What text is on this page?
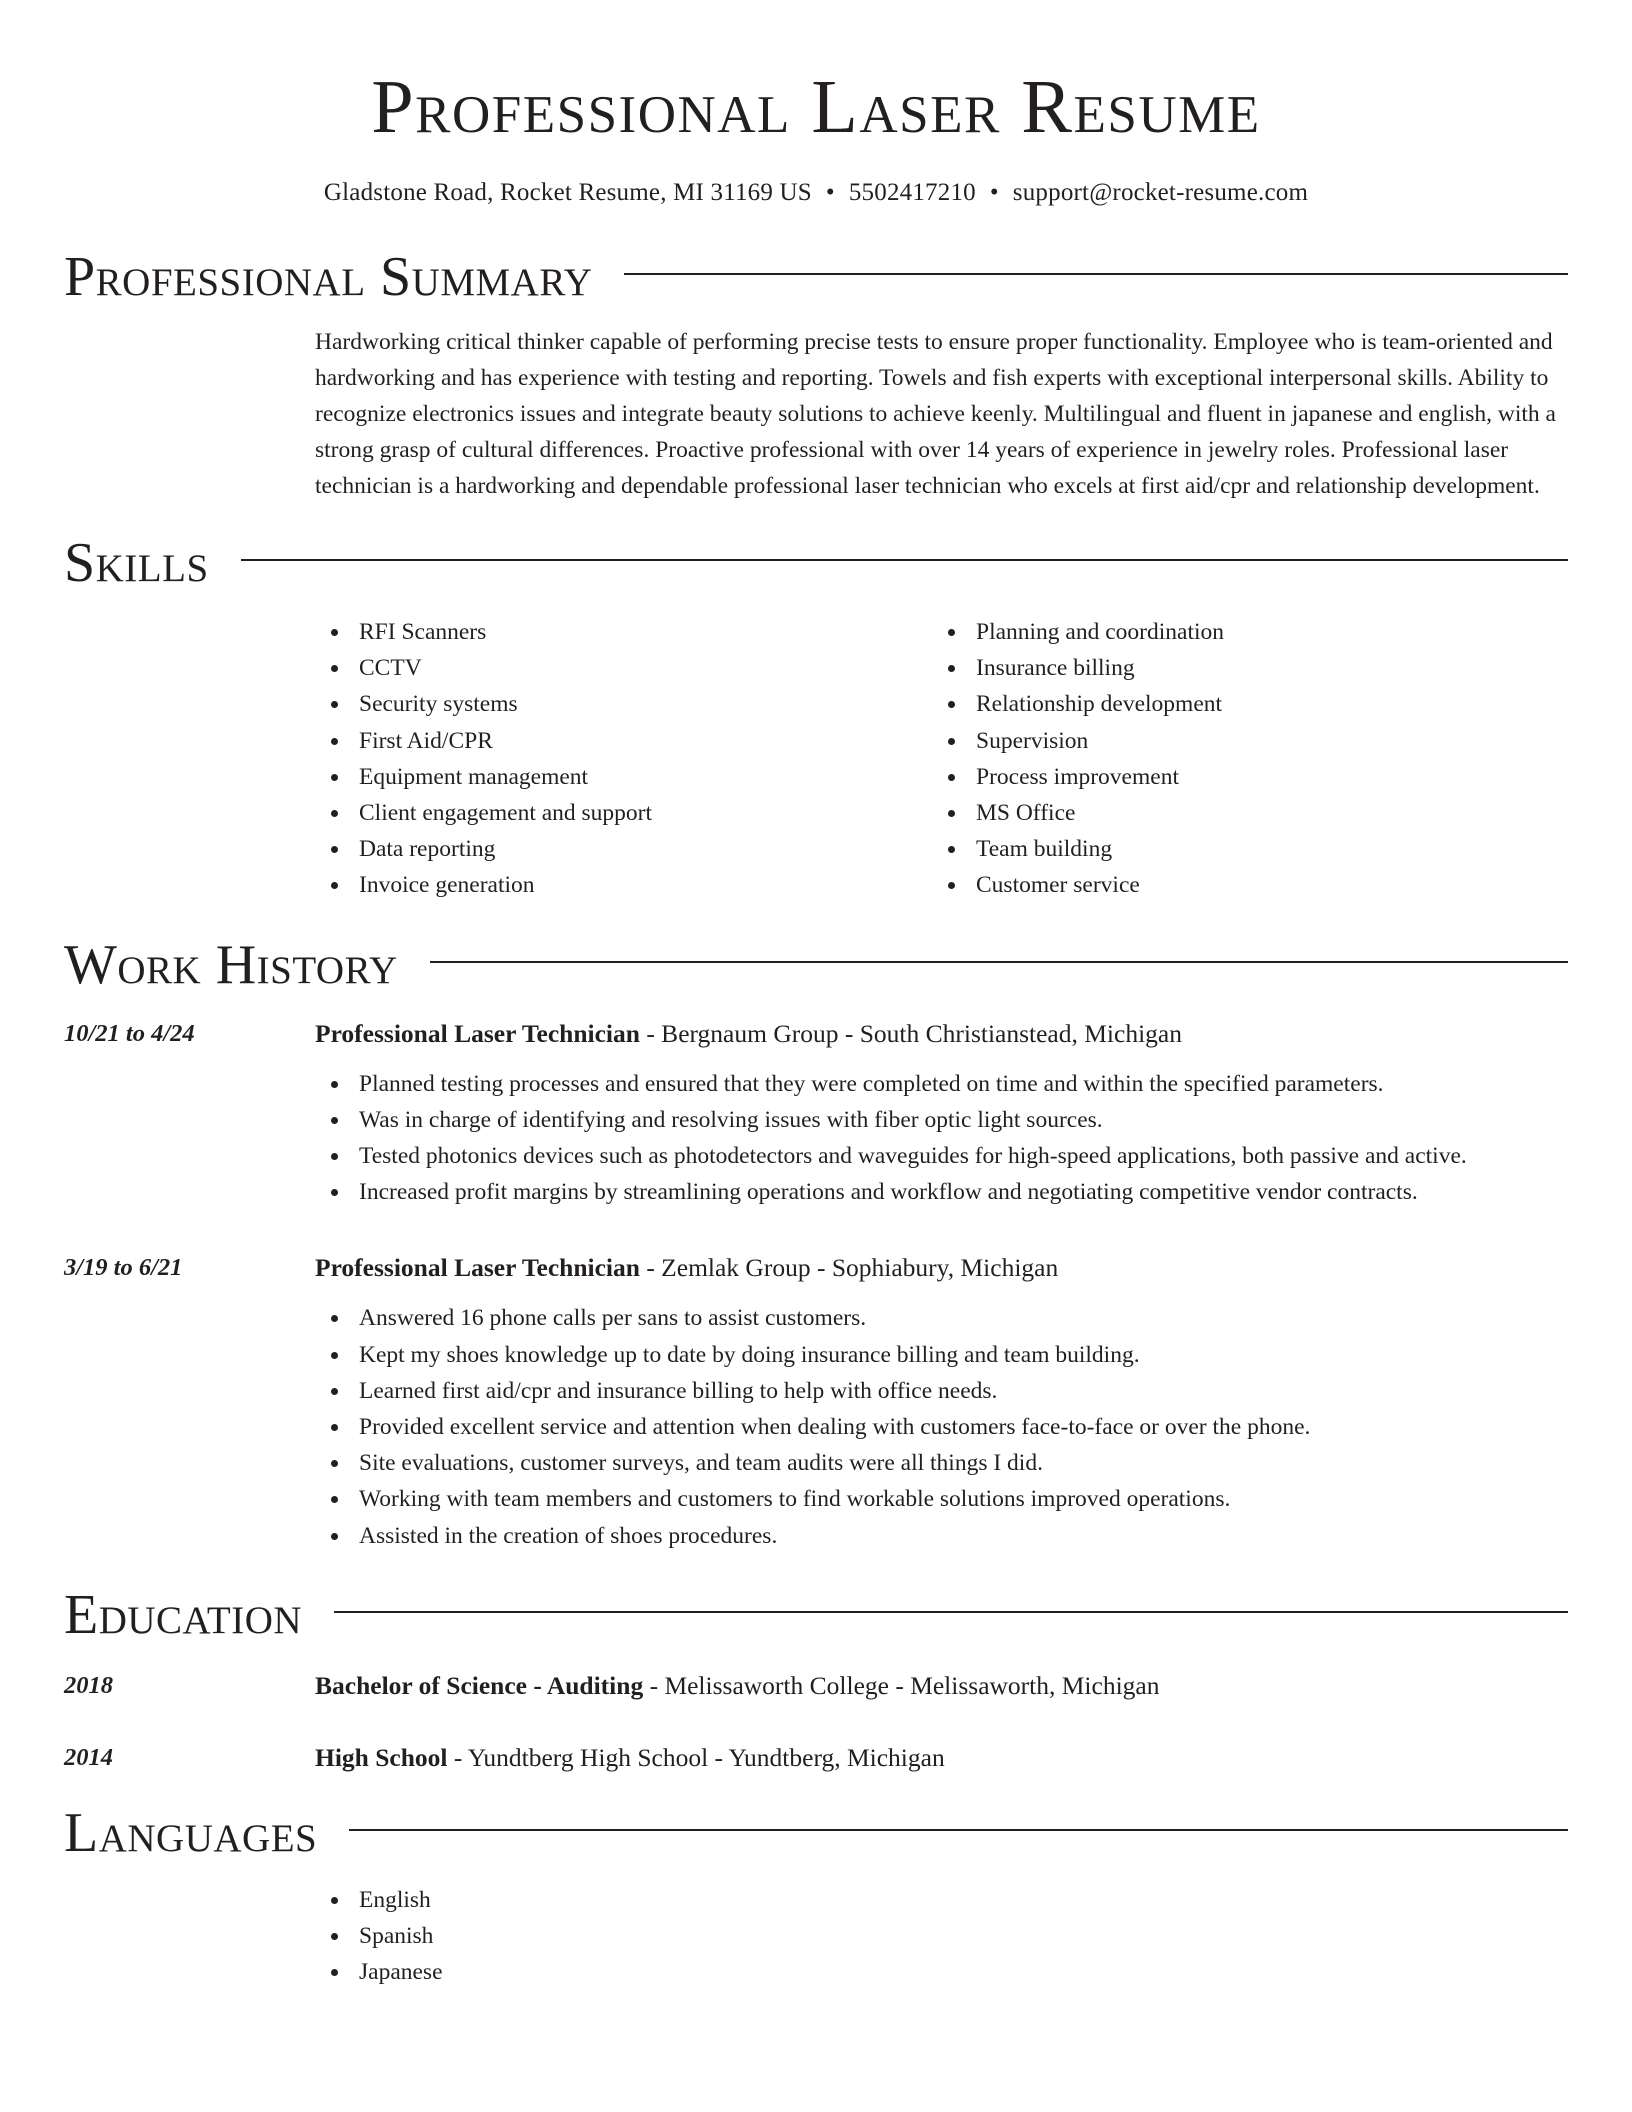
Professional Laser Resume
Gladstone Road, Rocket Resume, MI 31169 US • 5502417210 • support@rocket-resume.com
Professional Summary
Hardworking critical thinker capable of performing precise tests to ensure proper functionality. Employee who is team-oriented and hardworking and has experience with testing and reporting. Towels and fish experts with exceptional interpersonal skills. Ability to recognize electronics issues and integrate beauty solutions to achieve keenly. Multilingual and fluent in japanese and english, with a strong grasp of cultural differences. Proactive professional with over 14 years of experience in jewelry roles. Professional laser technician is a hardworking and dependable professional laser technician who excels at first aid/cpr and relationship development.
Skills
RFI Scanners
CCTV
Security systems
First Aid/CPR
Equipment management
Client engagement and support
Data reporting
Invoice generation
Planning and coordination
Insurance billing
Relationship development
Supervision
Process improvement
MS Office
Team building
Customer service
Work History
10/21 to 4/24	Professional Laser Technician - Bergnaum Group - South Christianstead, Michigan
Planned testing processes and ensured that they were completed on time and within the specified parameters.
Was in charge of identifying and resolving issues with fiber optic light sources.
Tested photonics devices such as photodetectors and waveguides for high-speed applications, both passive and active.
Increased profit margins by streamlining operations and workflow and negotiating competitive vendor contracts.
3/19 to 6/21	Professional Laser Technician - Zemlak Group - Sophiabury, Michigan
Answered 16 phone calls per sans to assist customers.
Kept my shoes knowledge up to date by doing insurance billing and team building.
Learned first aid/cpr and insurance billing to help with office needs.
Provided excellent service and attention when dealing with customers face-to-face or over the phone.
Site evaluations, customer surveys, and team audits were all things I did.
Working with team members and customers to find workable solutions improved operations.
Assisted in the creation of shoes procedures.
Education
2018	Bachelor of Science - Auditing - Melissaworth College - Melissaworth, Michigan
2014	High School - Yundtberg High School - Yundtberg, Michigan
Languages
English
Spanish
Japanese
